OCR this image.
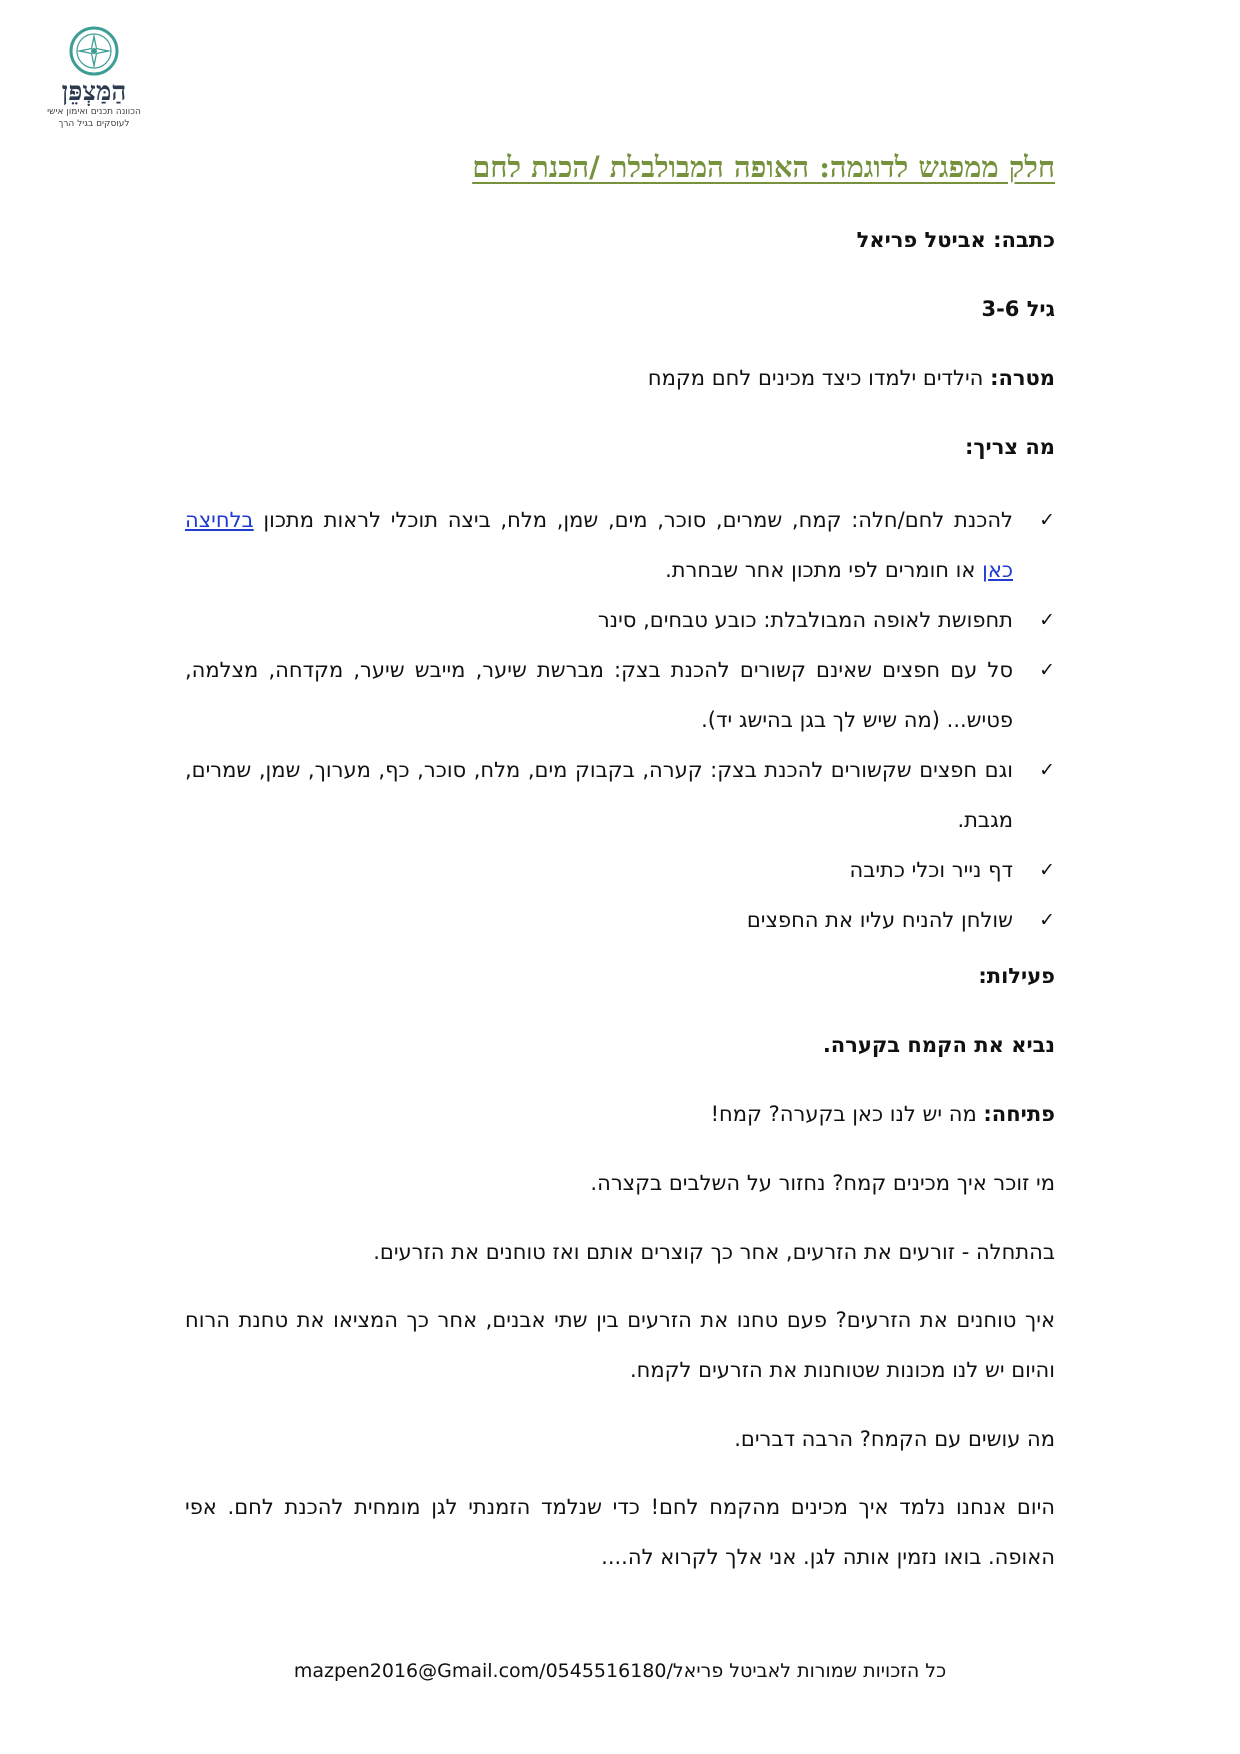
הַמַּצְפֵּן
הכוונה תכנים ואימון אישי
לעוסקים בגיל הרך
חלק ממפגש לדוגמה: האופה המבולבלת /הכנת לחם

כתבה: אביטל פריאל

גיל 3-6

מטרה: הילדים ילמדו כיצד מכינים לחם מקמח

מה צריך:

✓
להכנת לחם/חלה: קמח, שמרים, סוכר, מים, שמן, מלח, ביצה תוכלי לראות מתכון בלחיצה כאן או חומרים לפי מתכון אחר שבחרת.
✓
תחפושת לאופה המבולבלת: כובע טבחים, סינר
✓
סל עם חפצים שאינם קשורים להכנת בצק: מברשת שיער, מייבש שיער, מקדחה, מצלמה, פטיש... (מה שיש לך בגן בהישג יד).
✓
וגם חפצים שקשורים להכנת בצק: קערה, בקבוק מים, מלח, סוכר, כף, מערוך, שמן, שמרים, מגבת.
✓
דף נייר וכלי כתיבה
✓
שולחן להניח עליו את החפצים

פעילות:

נביא את הקמח בקערה.

פתיחה: מה יש לנו כאן בקערה? קמח!

מי זוכר איך מכינים קמח? נחזור על השלבים בקצרה.

בהתחלה - זורעים את הזרעים, אחר כך קוצרים אותם ואז טוחנים את הזרעים.

איך טוחנים את הזרעים? פעם טחנו את הזרעים בין שתי אבנים, אחר כך המציאו את טחנת הרוח והיום יש לנו מכונות שטוחנות את הזרעים לקמח.

מה עושים עם הקמח? הרבה דברים.

היום אנחנו נלמד איך מכינים מהקמח לחם! כדי שנלמד הזמנתי לגן מומחית להכנת לחם. אפי האופה. בואו נזמין אותה לגן. אני אלך לקרוא לה....

כל הזכויות שמורות לאביטל פריאל/mazpen2016@Gmail.com/0545516180
